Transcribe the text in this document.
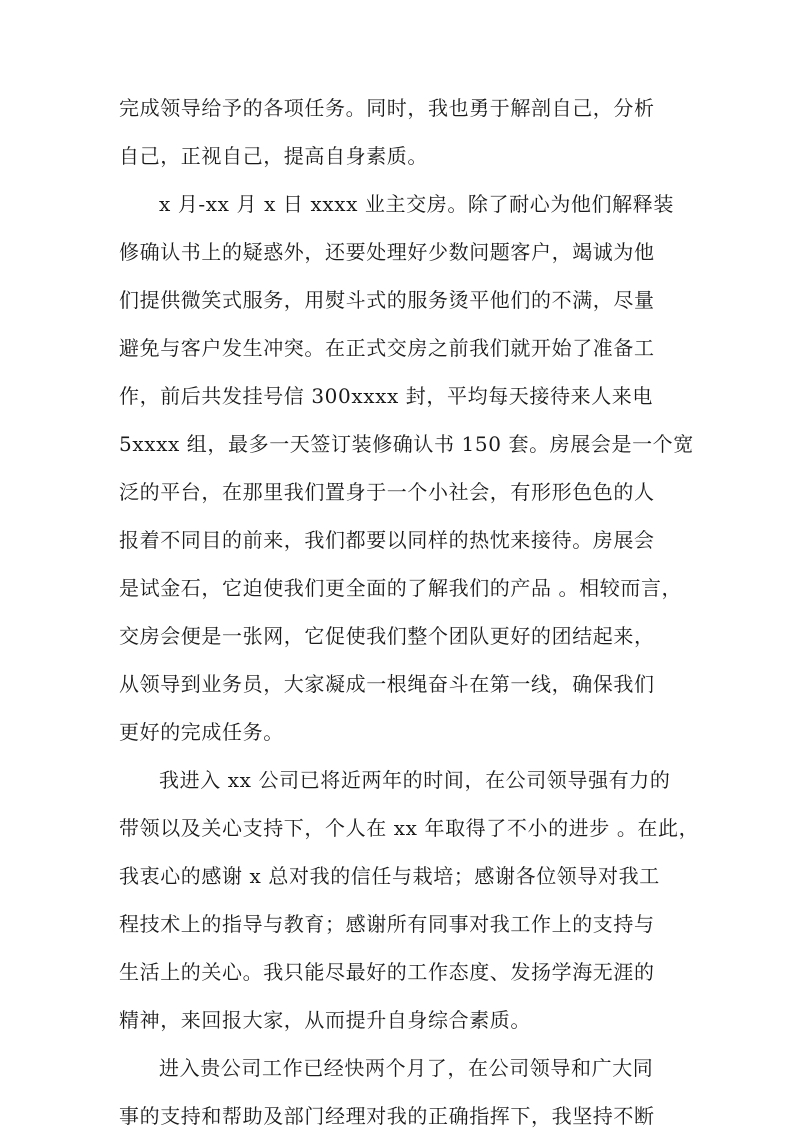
完成领导给予的各项任务。同时，我也勇于解剖自己，分析
自己，正视自己，提高自身素质。
x 月-xx 月 x 日 xxxx 业主交房。除了耐心为他们解释装
修确认书上的疑惑外，还要处理好少数问题客户，竭诚为他
们提供微笑式服务，用熨斗式的服务烫平他们的不满，尽量
避免与客户发生冲突。在正式交房之前我们就开始了准备工
作，前后共发挂号信 300xxxx 封，平均每天接待来人来电
5xxxx 组，最多一天签订装修确认书 150 套。房展会是一个宽
泛的平台，在那里我们置身于一个小社会，有形形色色的人
报着不同目的前来，我们都要以同样的热忱来接待。房展会
是试金石，它迫使我们更全面的了解我们的产品 。相较而言，
交房会便是一张网，它促使我们整个团队更好的团结起来，
从领导到业务员，大家凝成一根绳奋斗在第一线，确保我们
更好的完成任务。
我进入 xx 公司已将近两年的时间，在公司领导强有力的
带领以及关心支持下，个人在 xx 年取得了不小的进步 。在此，
我衷心的感谢 x 总对我的信任与栽培；感谢各位领导对我工
程技术上的指导与教育；感谢所有同事对我工作上的支持与
生活上的关心。我只能尽最好的工作态度、发扬学海无涯的
精神，来回报大家，从而提升自身综合素质。
进入贵公司工作已经快两个月了，在公司领导和广大同
事的支持和帮助及部门经理对我的正确指挥下，我坚持不断
